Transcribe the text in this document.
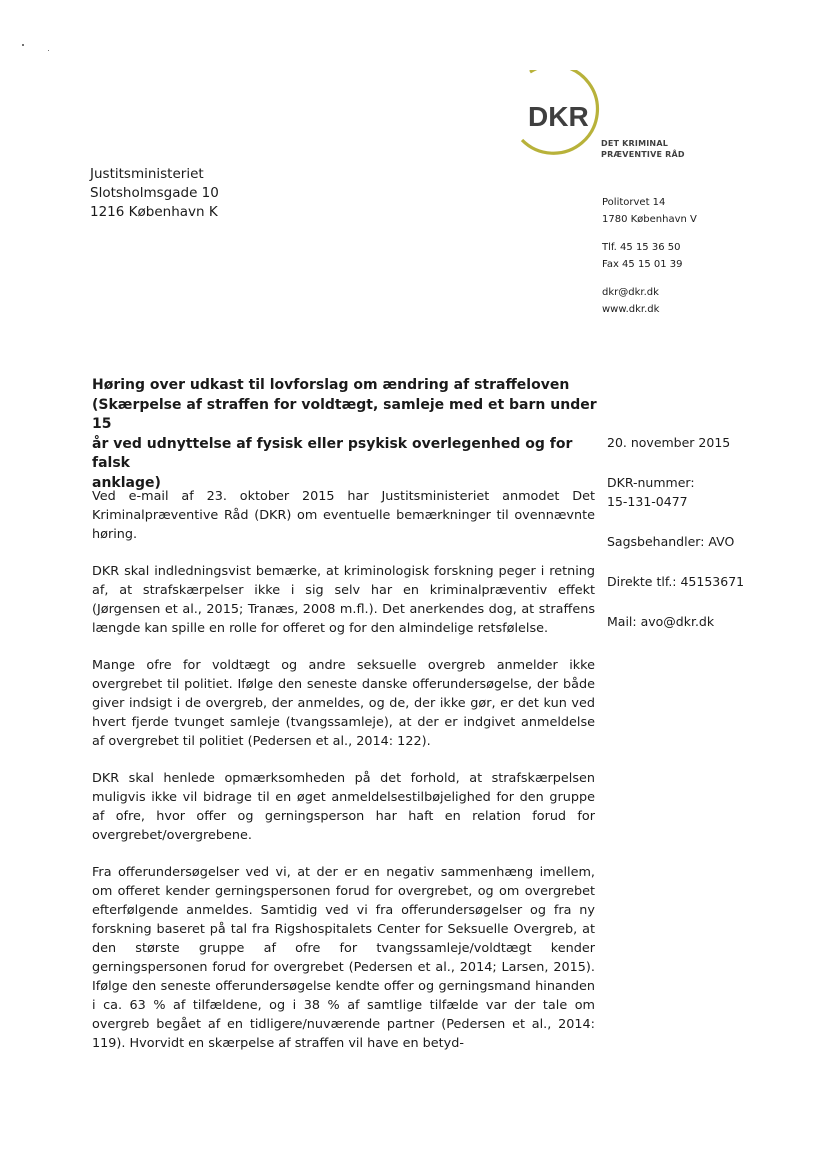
DKR
DET KRIMINAL
PRÆVENTIVE RÅD
Justitsministeriet
Slotsholmsgade 10
1216 København K
Politorvet 14
1780 København V
Tlf. 45 15 36 50
Fax 45 15 01 39
dkr@dkr.dk
www.dkr.dk
Høring over udkast til lovforslag om ændring af straffeloven
(Skærpelse af straffen for voldtægt, samleje med et barn under 15
år ved udnyttelse af fysisk eller psykisk overlegenhed og for falsk
anklage)
20. november 2015
DKR-nummer:
15-131-0477
Sagsbehandler: AVO
Direkte tlf.: 45153671
Mail: avo@dkr.dk

Ved e-mail af 23. oktober 2015 har Justitsministeriet anmodet Det Kriminalpræventive Råd (DKR) om eventuelle bemærkninger til ovennævnte høring.

DKR skal indledningsvist bemærke, at kriminologisk forskning peger i retning af, at strafskærpelser ikke i sig selv har en kriminalpræventiv effekt (Jørgensen et al., 2015; Tranæs, 2008 m.fl.). Det anerkendes dog, at straffens længde kan spille en rolle for offeret og for den almindelige retsfølelse.

Mange ofre for voldtægt og andre seksuelle overgreb anmelder ikke overgrebet til politiet. Ifølge den seneste danske offerundersøgelse, der både giver indsigt i de overgreb, der anmeldes, og de, der ikke gør, er det kun ved hvert fjerde tvunget samleje (tvangssamleje), at der er indgivet anmeldelse af overgrebet til politiet (Pedersen et al., 2014: 122).

DKR skal henlede opmærksomheden på det forhold, at strafskærpelsen muligvis ikke vil bidrage til en øget anmeldelsestilbøjelighed for den gruppe af ofre, hvor offer og gerningsperson har haft en relation forud for overgrebet/overgrebene.

Fra offerundersøgelser ved vi, at der er en negativ sammenhæng imellem, om offeret kender gerningspersonen forud for overgrebet, og om overgrebet efterfølgende anmeldes. Samtidig ved vi fra offerundersøgelser og fra ny forskning baseret på tal fra Rigshospitalets Center for Seksuelle Overgreb, at den største gruppe af ofre for tvangssamleje/voldtægt kender gerningspersonen forud for overgrebet (Pedersen et al., 2014; Larsen, 2015). Ifølge den seneste offerundersøgelse kendte offer og gerningsmand hinanden i ca. 63 % af tilfældene, og i 38 % af samtlige tilfælde var der tale om overgreb begået af en tidligere/nuværende partner (Pedersen et al., 2014: 119). Hvorvidt en skærpelse af straffen vil have en betyd-
